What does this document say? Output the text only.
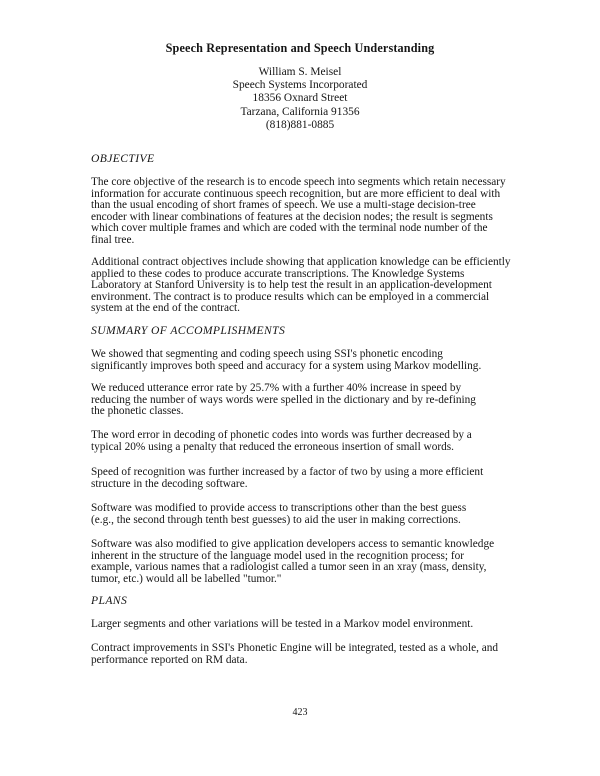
Speech Representation and Speech Understanding
William S. Meisel
Speech Systems Incorporated
18356 Oxnard Street
Tarzana, California 91356
(818)881-0885
OBJECTIVE
The core objective of the research is to encode speech into segments which retain necessary
information for accurate continuous speech recognition, but are more efficient to deal with
than the usual encoding of short frames of speech. We use a multi-stage decision-tree
encoder with linear combinations of features at the decision nodes; the result is segments
which cover multiple frames and which are coded with the terminal node number of the
final tree.
Additional contract objectives include showing that application knowledge can be efficiently
applied to these codes to produce accurate transcriptions. The Knowledge Systems
Laboratory at Stanford University is to help test the result in an application-development
environment. The contract is to produce results which can be employed in a commercial
system at the end of the contract.
SUMMARY OF ACCOMPLISHMENTS
We showed that segmenting and coding speech using SSI's phonetic encoding
significantly improves both speed and accuracy for a system using Markov modelling.
We reduced utterance error rate by 25.7% with a further 40% increase in speed by
reducing the number of ways words were spelled in the dictionary and by re-defining
the phonetic classes.
The word error in decoding of phonetic codes into words was further decreased by a
typical 20% using a penalty that reduced the erroneous insertion of small words.
Speed of recognition was further increased by a factor of two by using a more efficient
structure in the decoding software.
Software was modified to provide access to transcriptions other than the best guess
(e.g., the second through tenth best guesses) to aid the user in making corrections.
Software was also modified to give application developers access to semantic knowledge
inherent in the structure of the language model used in the recognition process; for
example, various names that a radiologist called a tumor seen in an xray (mass, density,
tumor, etc.) would all be labelled "tumor."
PLANS
Larger segments and other variations will be tested in a Markov model environment.
Contract improvements in SSI's Phonetic Engine will be integrated, tested as a whole, and
performance reported on RM data.
423
